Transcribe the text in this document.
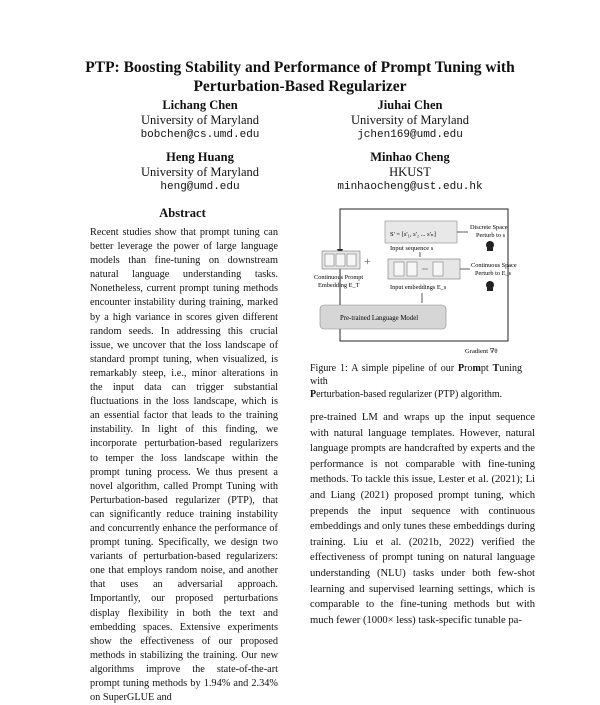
PTP: Boosting Stability and Performance of Prompt Tuning with
Perturbation-Based Regularizer
Lichang Chen
University of Maryland
bobchen@cs.umd.edu
Jiuhai Chen
University of Maryland
jchen169@umd.edu
Heng Huang
University of Maryland
heng@umd.edu
Minhao Cheng
HKUST
minhaocheng@ust.edu.hk
Abstract

Recent studies show that prompt tuning can better leverage the power of large language models than fine-tuning on downstream natural language understanding tasks. Nonetheless, current prompt tuning methods encounter instability during training, marked by a high variance in scores given different random seeds. In addressing this crucial issue, we uncover that the loss landscape of standard prompt tuning, when visualized, is remarkably steep, i.e., minor alterations in the input data can trigger substantial fluctuations in the loss landscape, which is an essential factor that leads to the training instability. In light of this finding, we incorporate perturbation-based regularizers to temper the loss landscape within the prompt tuning process. We thus present a novel algorithm, called Prompt Tuning with Perturbation-based regularizer (PTP), that can significantly reduce training instability and concurrently enhance the performance of prompt tuning. Specifically, we design two variants of perturbation-based regularizers: one that employs random noise, and another that uses an adversarial approach. Importantly, our proposed perturbations display flexibility in both the text and embedding spaces. Extensive experiments show the effectiveness of our proposed methods in stabilizing the training. Our new algorithms improve the state-of-the-art prompt tuning methods by 1.94% and 2.34% on SuperGLUE and

S' = [s'₁, s'₂ ... s'ₙ]
Input sequence s
Discrete Space
Perturb to s
+
Continuous Prompt
Embedding E_T	Input embeddings E_s
Continuous Space
Perturb to E_s
Pre-trained Language Model
Gradient ∇θ
Figure 1: A simple pipeline of our Prompt Tuning with
Perturbation-based regularizer (PTP) algorithm.

pre-trained LM and wraps up the input sequence with natural language templates. However, natural language prompts are handcrafted by experts and the performance is not comparable with fine-tuning methods. To tackle this issue, Lester et al. (2021); Li and Liang (2021) proposed prompt tuning, which prepends the input sequence with continuous embeddings and only tunes these embeddings during training. Liu et al. (2021b, 2022) verified the effectiveness of prompt tuning on natural language understanding (NLU) tasks under both few-shot learning and supervised learning settings, which is comparable to the fine-tuning methods but with much fewer (1000× less) task-specific tunable pa-
